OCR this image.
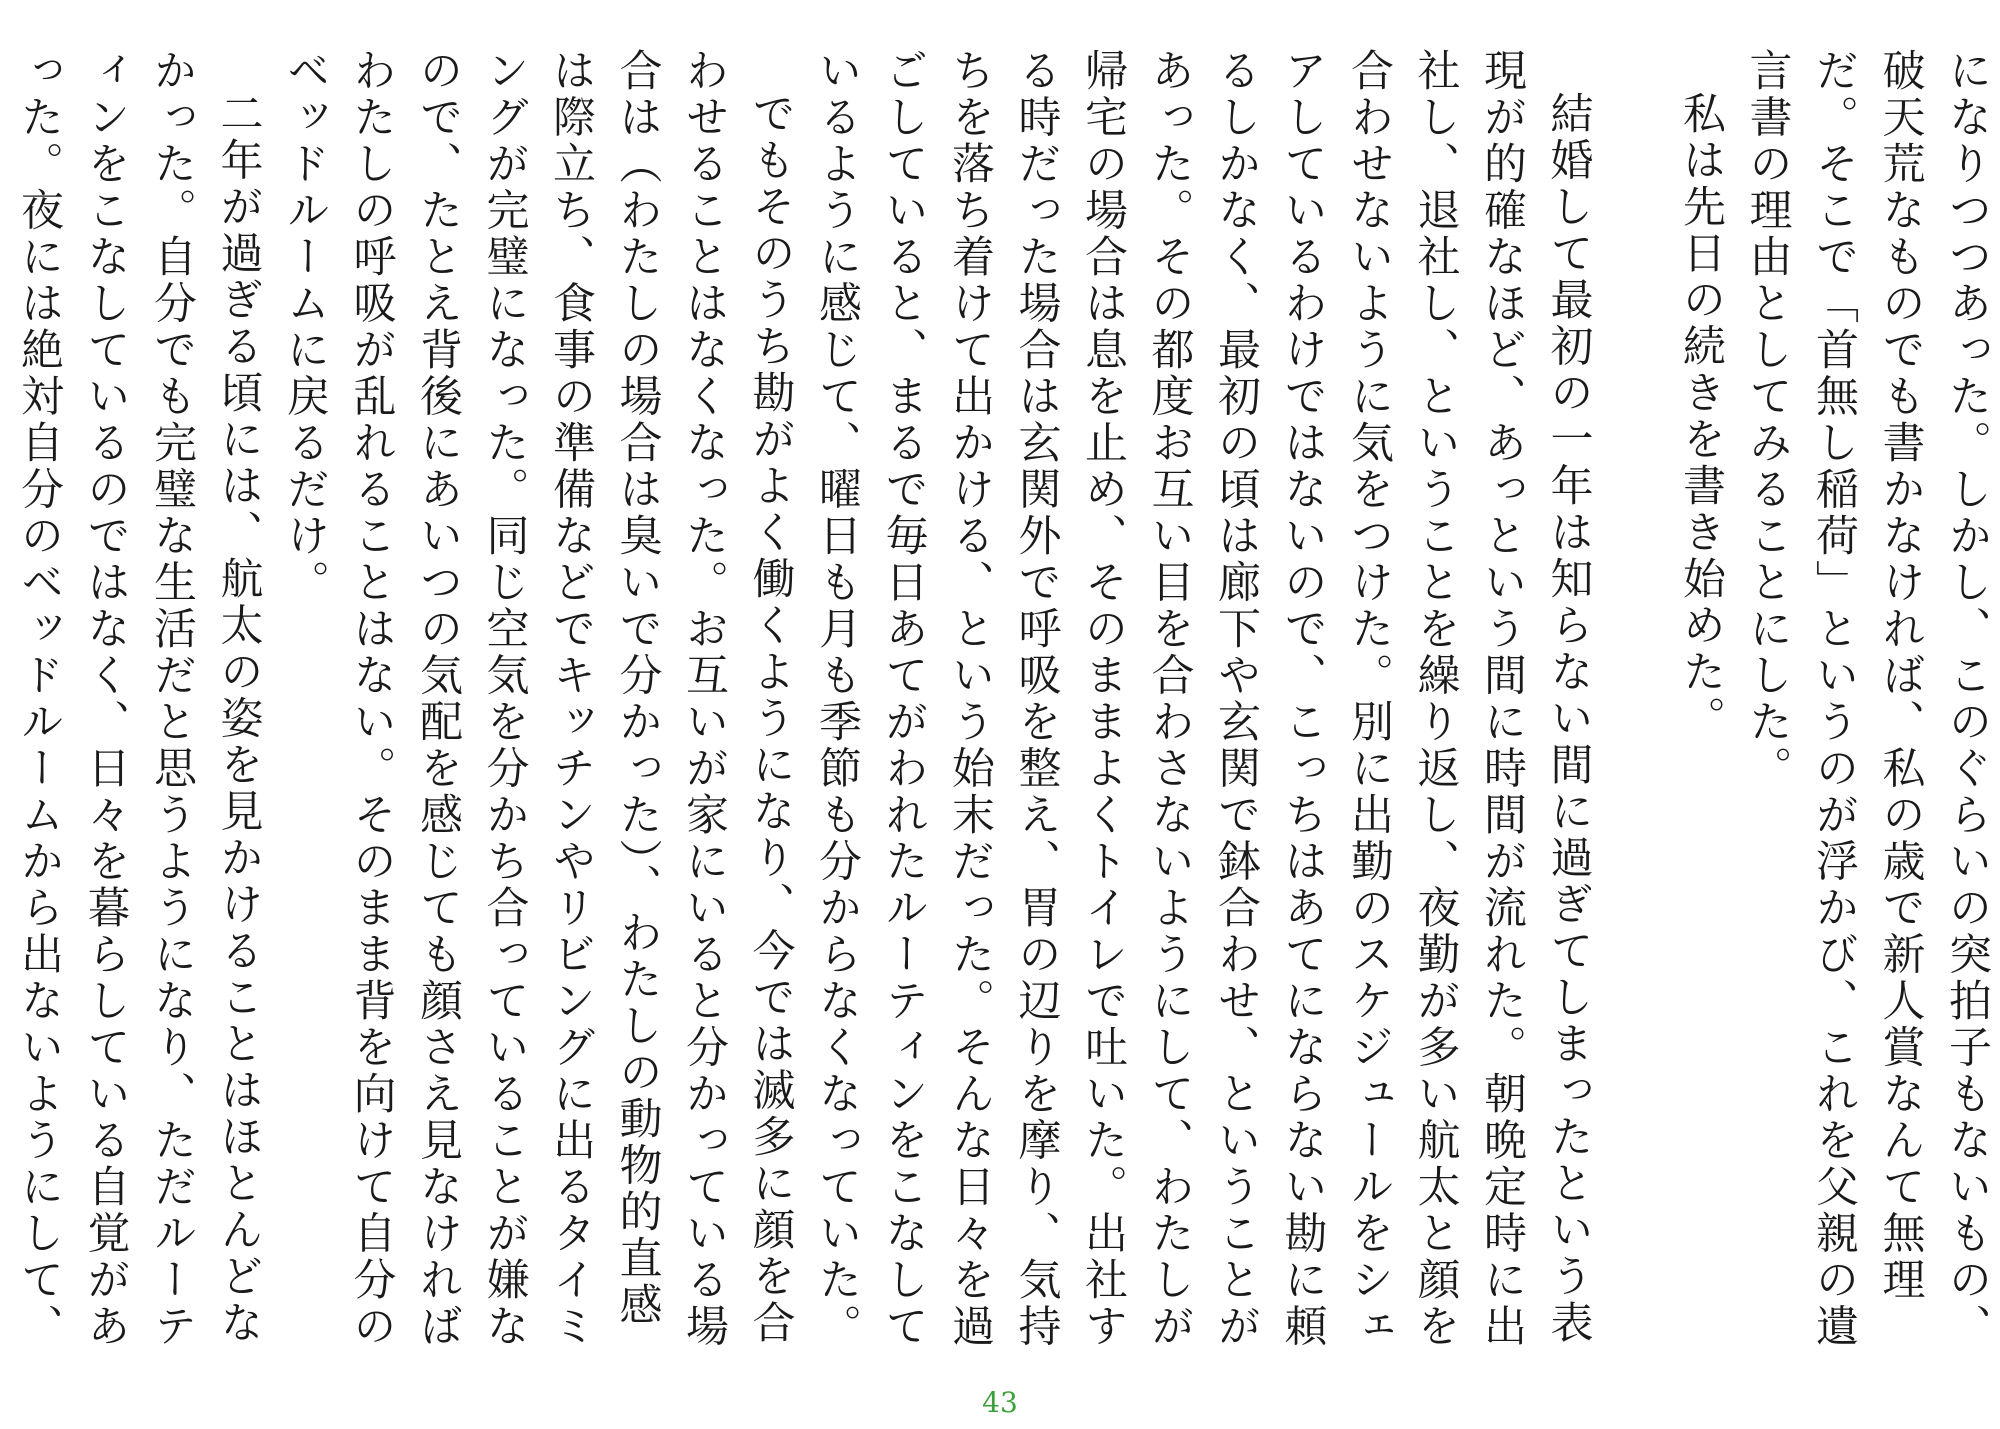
になりつつあった。しかし、このぐらいの突拍子もないもの、破天荒なものでも書かなければ、私の歳で新人賞なんて無理だ。そこで「首無し稲荷」というのが浮かび、これを父親の遺言書の理由としてみることにした。

私は先日の続きを書き始めた。

結婚して最初の一年は知らない間に過ぎてしまったという表現が的確なほど、あっという間に時間が流れた。朝晩定時に出社し、退社し、ということを繰り返し、夜勤が多い航太と顔を合わせないように気をつけた。別に出勤のスケジュールをシェアしているわけではないので、こっちはあてにならない勘に頼るしかなく、最初の頃は廊下や玄関で鉢合わせ、ということがあった。その都度お互い目を合わさないようにして、わたしが帰宅の場合は息を止め、そのままよくトイレで吐いた。出社する時だった場合は玄関外で呼吸を整え、胃の辺りを摩り、気持ちを落ち着けて出かける、という始末だった。そんな日々を過ごしていると、まるで毎日あてがわれたルーティンをこなしているように感じて、曜日も月も季節も分からなくなっていた。

でもそのうち勘がよく働くようになり、今では滅多に顔を合わせることはなくなった。お互いが家にいると分かっている場合は（わたしの場合は臭いで分かった）、わたしの動物的直感は際立ち、食事の準備などでキッチンやリビングに出るタイミングが完璧になった。同じ空気を分かち合っていることが嫌なので、たとえ背後にあいつの気配を感じても顔さえ見なければわたしの呼吸が乱れることはない。そのまま背を向けて自分のベッドルームに戻るだけ。

二年が過ぎる頃には、航太の姿を見かけることはほとんどなかった。自分でも完璧な生活だと思うようになり、ただルーティンをこなしているのではなく、日々を暮らしている自覚があった。夜には絶対自分のベッドルームから出ないようにして、

43
